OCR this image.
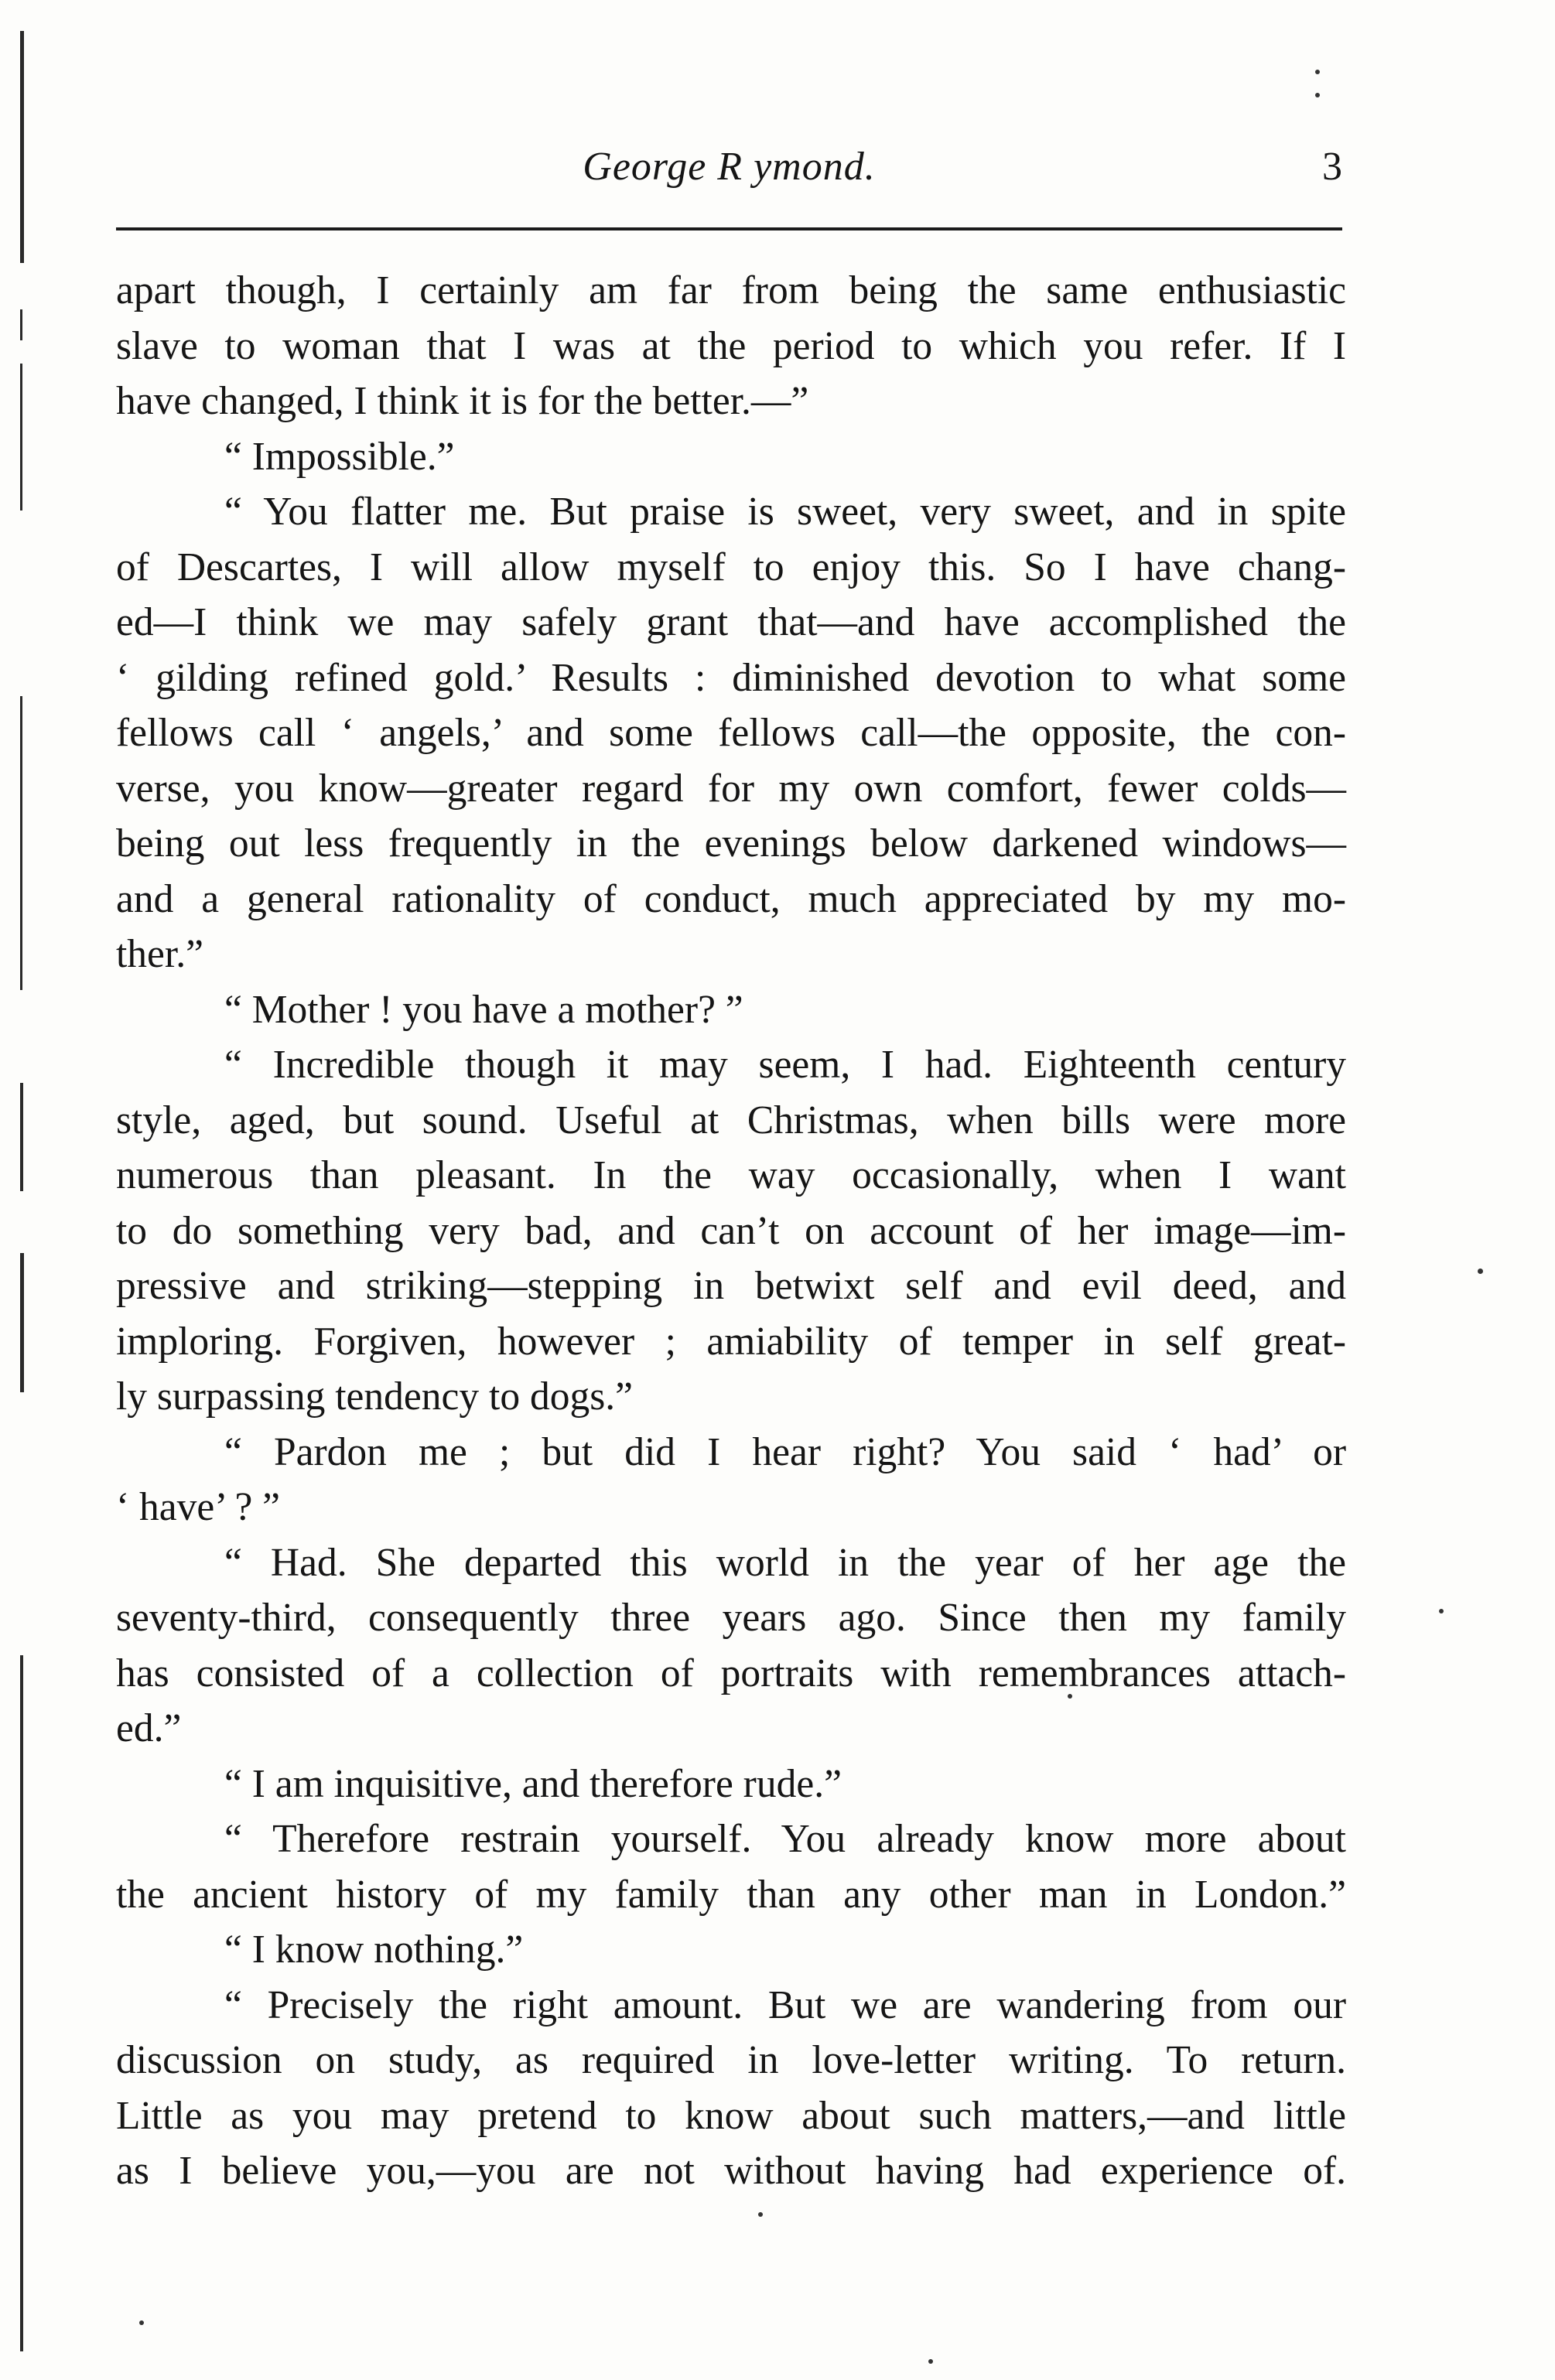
George R ymond.	3
apart though, I certainly am far from being the same enthusiastic
slave to woman that I was at the period to which you refer. If I
have changed, I think it is for the better.—”
“ Impossible.”
“ You flatter me. But praise is sweet, very sweet, and in spite
of Descartes, I will allow myself to enjoy this. So I have chang-
ed—I think we may safely grant that—and have accomplished the
‘ gilding refined gold.’ Results : diminished devotion to what some
fellows call ‘ angels,’ and some fellows call—the opposite, the con-
verse, you know—greater regard for my own comfort, fewer colds—
being out less frequently in the evenings below darkened windows—
and a general rationality of conduct, much appreciated by my mo-
ther.”
“ Mother ! you have a mother? ”
“ Incredible though it may seem, I had. Eighteenth century
style, aged, but sound. Useful at Christmas, when bills were more
numerous than pleasant. In the way occasionally, when I want
to do something very bad, and can’t on account of her image—im-
pressive and striking—stepping in betwixt self and evil deed, and
imploring. Forgiven, however ; amiability of temper in self great-
ly surpassing tendency to dogs.”
“ Pardon me ; but did I hear right? You said ‘ had’ or
‘ have’ ? ”
“ Had. She departed this world in the year of her age the
seventy-third, consequently three years ago. Since then my family
has consisted of a collection of portraits with remembrances attach-
ed.”
“ I am inquisitive, and therefore rude.”
“ Therefore restrain yourself. You already know more about
the ancient history of my family than any other man in London.”
“ I know nothing.”
“ Precisely the right amount. But we are wandering from our
discussion on study, as required in love-letter writing. To return.
Little as you may pretend to know about such matters,—and little
as I believe you,—you are not without having had experience of.
